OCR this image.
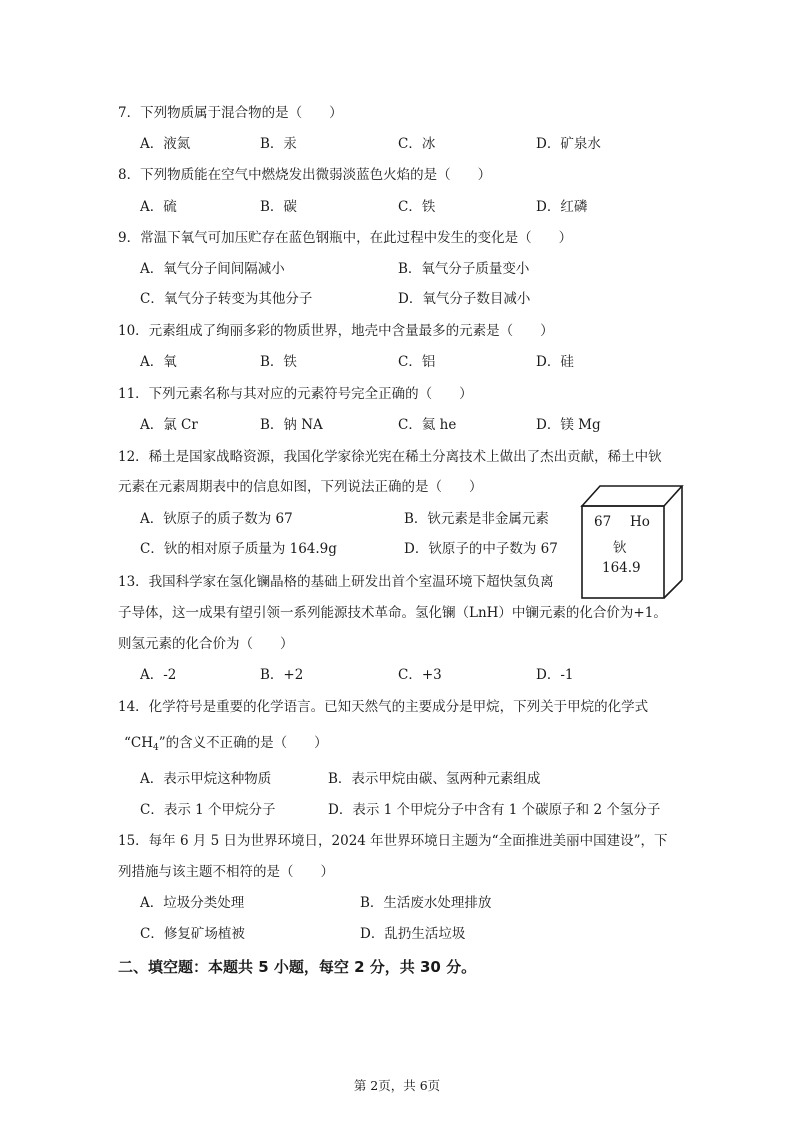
7．下列物质属于混合物的是（　　）
A．液氮	B．汞	C．冰	D．矿泉水
8．下列物质能在空气中燃烧发出微弱淡蓝色火焰的是（　　）
A．硫	B．碳	C．铁	D．红磷
9．常温下氧气可加压贮存在蓝色钢瓶中，在此过程中发生的变化是（　　）
A．氧气分子间间隔减小	B．氧气分子质量变小
C．氧气分子转变为其他分子	D．氧气分子数目减小
10．元素组成了绚丽多彩的物质世界，地壳中含量最多的元素是（　　）
A．氧	B．铁	C．铝	D．硅
11．下列元素名称与其对应的元素符号完全正确的（　　）
A．氯 Cr	B．钠 NA	C．氦 he	D．镁 Mg
12．稀土是国家战略资源，我国化学家徐光宪在稀土分离技术上做出了杰出贡献，稀土中钬
元素在元素周期表中的信息如图，下列说法正确的是（　　）
A．钬原子的质子数为 67	B．钬元素是非金属元素
C．钬的相对原子质量为 164.9g	D．钬原子的中子数为 67
67 Ho
钬
164.9
13．我国科学家在氢化镧晶格的基础上研发出首个室温环境下超快氢负离
子导体，这一成果有望引领一系列能源技术革命。氢化镧（LnH）中镧元素的化合价为+1。
则氢元素的化合价为（　　）
A．-2	B．+2	C．+3	D．-1
14．化学符号是重要的化学语言。已知天然气的主要成分是甲烷，下列关于甲烷的化学式
“$CH_4$”的含义不正确的是（　　）
A．表示甲烷这种物质	B．表示甲烷由碳、氢两种元素组成
C．表示 1 个甲烷分子	D．表示 1 个甲烷分子中含有 1 个碳原子和 2 个氢分子
15．每年 6 月 5 日为世界环境日，2024 年世界环境日主题为“全面推进美丽中国建设”，下
列措施与该主题不相符的是（　　）
A．垃圾分类处理	B．生活废水处理排放
C．修复矿场植被	D．乱扔生活垃圾
二、填空题：本题共 5 小题，每空 2 分，共 30 分。
第 2页，共 6页
